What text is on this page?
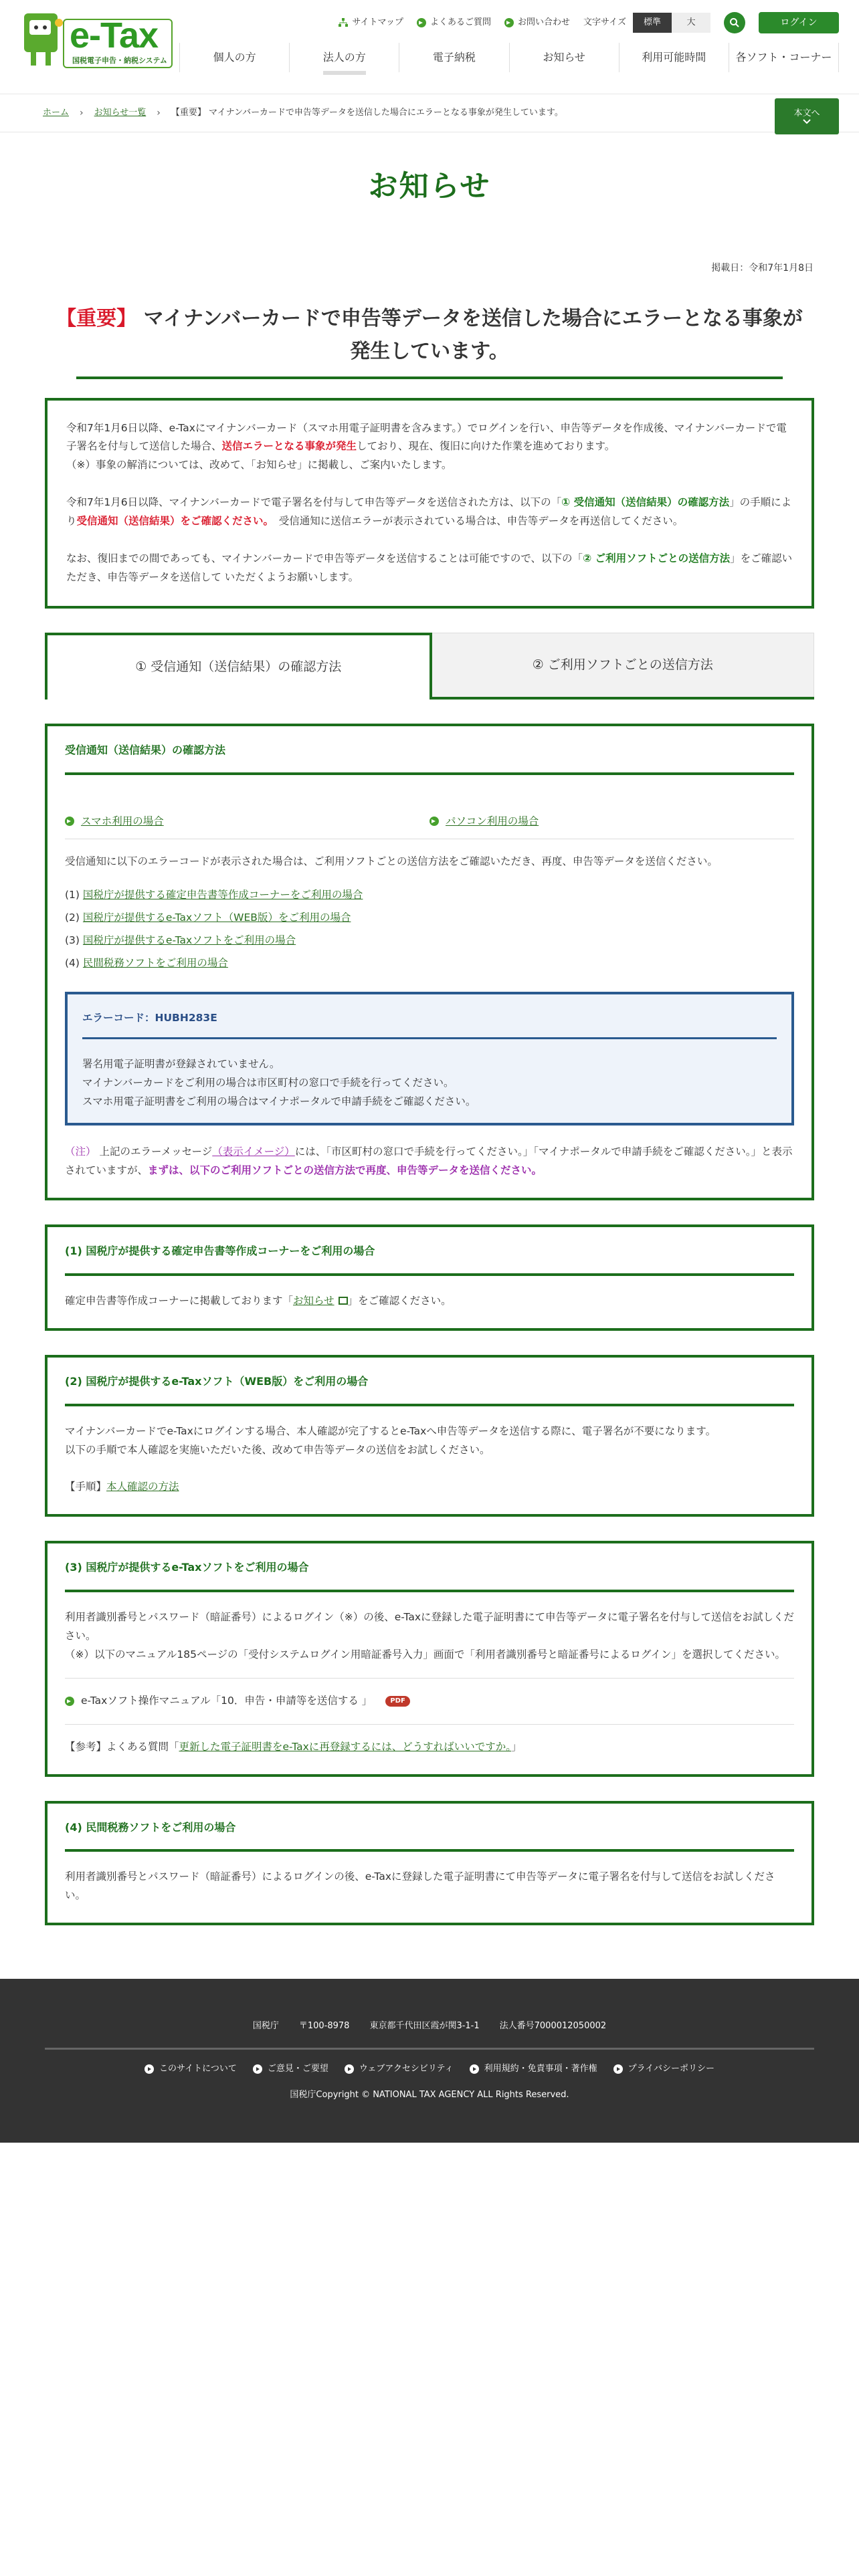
e-Tax
国税電子申告・納税システム
サイトマップ	よくあるご質問	お問い合わせ 文字サイズ	標準	大	ログイン
個人の方	法人の方	電子納税	お知らせ	利用可能時間	各ソフト・コーナー
ホーム › お知らせ一覧 › 【重要】 マイナンバーカードで申告等データを送信した場合にエラーとなる事象が発生しています。	本文へ
お知らせ
掲載日：令和7年1月8日
【重要】 マイナンバーカードで申告等データを送信した場合にエラーとなる事象が発生しています。

令和7年1月6日以降、e-Taxにマイナンバーカード（スマホ用電子証明書を含みます。）でログインを行い、申告等データを作成後、マイナンバーカードで電子署名を付与して送信した場合、送信エラーとなる事象が発生しており、現在、復旧に向けた作業を進めております。
（※）事象の解消については、改めて、「お知らせ」に掲載し、ご案内いたします。

令和7年1月6日以降、マイナンバーカードで電子署名を付与して申告等データを送信された方は、以下の「① 受信通知（送信結果）の確認方法」の手順により受信通知（送信結果）をご確認ください。　 受信通知に送信エラーが表示されている場合は、申告等データを再送信してください。

なお、復旧までの間であっても、マイナンバーカードで申告等データを送信することは可能ですので、以下の「② ご利用ソフトごとの送信方法」をご確認いただき、申告等データを送信して いただくようお願いします。

① 受信通知（送信結果）の確認方法	② ご利用ソフトごとの送信方法
受信通知（送信結果）の確認方法
スマホ利用の場合	パソコン利用の場合

受信通知に以下のエラーコードが表示された場合は、ご利用ソフトごとの送信方法をご確認いただき、再度、申告等データを送信ください。

(1) 国税庁が提供する確定申告書等作成コーナーをご利用の場合
(2) 国税庁が提供するe-Taxソフト（WEB版）をご利用の場合
(3) 国税庁が提供するe-Taxソフトをご利用の場合
(4) 民間税務ソフトをご利用の場合
エラーコード：HUBH283E
署名用電子証明書が登録されていません。
マイナンバーカードをご利用の場合は市区町村の窓口で手続を行ってください。
スマホ用電子証明書をご利用の場合はマイナポータルで申請手続をご確認ください。

（注） 上記のエラーメッセージ（表示イメージ）には、「市区町村の窓口で手続を行ってください。」「マイナポータルで申請手続をご確認ください。」と表示されていますが、まずは、以下のご利用ソフトごとの送信方法で再度、申告等データを送信ください。

(1) 国税庁が提供する確定申告書等作成コーナーをご利用の場合

確定申告書等作成コーナーに掲載しております「お知らせ 」をご確認ください。

(2) 国税庁が提供するe-Taxソフト（WEB版）をご利用の場合
マイナンバーカードでe-Taxにログインする場合、本人確認が完了するとe-Taxへ申告等データを送信する際に、電子署名が不要になります。
以下の手順で本人確認を実施いただいた後、改めて申告等データの送信をお試しください。

【手順】本人確認の方法

(3) 国税庁が提供するe-Taxソフトをご利用の場合
利用者識別番号とパスワード（暗証番号）によるログイン（※）の後、e-Taxに登録した電子証明書にて申告等データに電子署名を付与して送信をお試しください。
（※）以下のマニュアル185ページの「受付システムログイン用暗証番号入力」画面で「利用者識別番号と暗証番号によるログイン」を選択してください。
e-Taxソフト操作マニュアル「10．申告・申請等を送信する 」	PDF

【参考】よくある質問「更新した電子証明書をe-Taxに再登録するには、どうすればいいですか。」

(4) 民間税務ソフトをご利用の場合
利用者識別番号とパスワード（暗証番号）によるログインの後、e-Taxに登録した電子証明書にて申告等データに電子署名を付与して送信をお試しください。
国税庁 〒100-8978 東京都千代田区霞が関3-1-1 法人番号7000012050002
このサイトについて	ご意見・ご要望	ウェブアクセシビリティ	利用規約・免責事項・著作権	プライバシーポリシー
国税庁Copyright © NATIONAL TAX AGENCY ALL Rights Reserved.
